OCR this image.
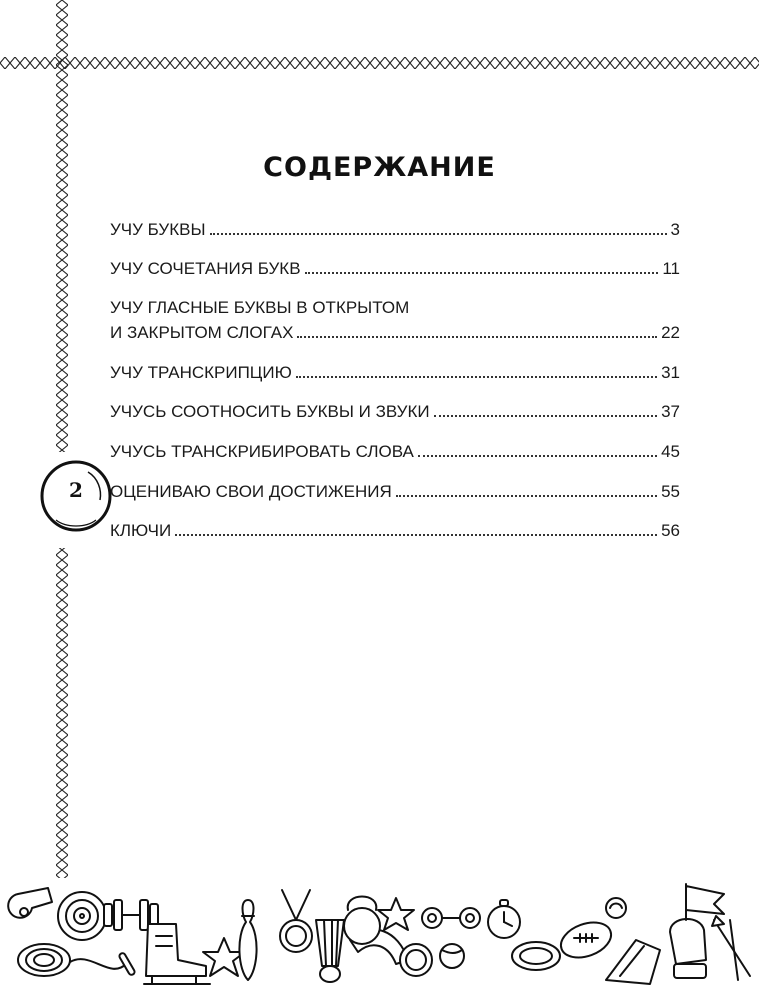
2
СОДЕРЖАНИЕ
УЧУ БУКВЫ	3
УЧУ СОЧЕТАНИЯ БУКВ	11
УЧУ ГЛАСНЫЕ БУКВЫ В ОТКРЫТОМ
И ЗАКРЫТОМ СЛОГАХ	22
УЧУ ТРАНСКРИПЦИЮ	31
УЧУСЬ СООТНОСИТЬ БУКВЫ И ЗВУКИ	37
УЧУСЬ ТРАНСКРИБИРОВАТЬ СЛОВА	45
ОЦЕНИВАЮ СВОИ ДОСТИЖЕНИЯ	55
КЛЮЧИ	56
